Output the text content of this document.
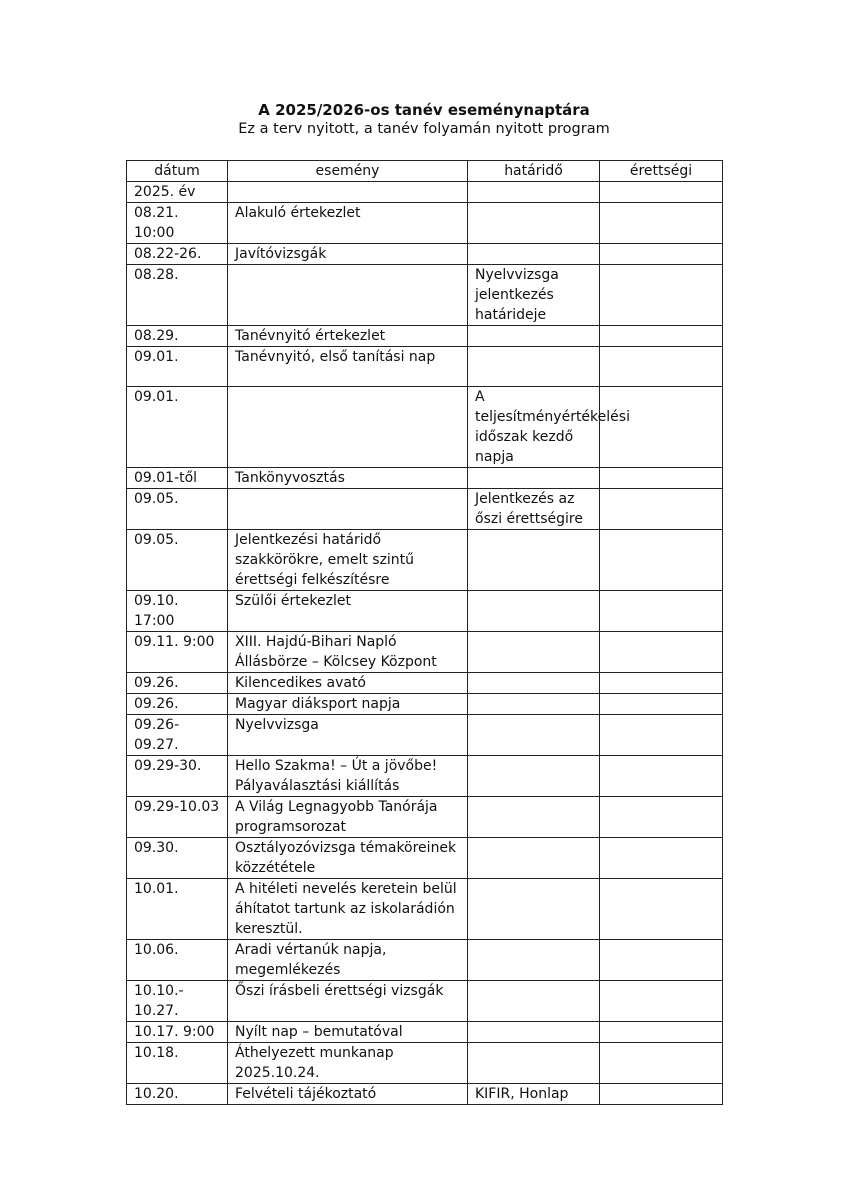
A 2025/2026-os tanév eseménynaptára
Ez a terv nyitott, a tanév folyamán nyitott program
dátum	esemény	határidő	érettségi
2025. év			
08.21. 10:00	Alakuló értekezlet		
08.22-26.	Javítóvizsgák		
08.28.		Nyelvvizsga jelentkezés határideje	
08.29.	Tanévnyitó értekezlet		
09.01.	Tanévnyitó, első tanítási nap		
09.01.		A teljesítményértékelési időszak kezdő napja	
09.01-től	Tankönyvosztás		
09.05.		Jelentkezés az őszi érettségire	
09.05.	Jelentkezési határidő szakkörökre, emelt szintű érettségi felkészítésre		
09.10. 17:00	Szülői értekezlet		
09.11. 9:00	XIII. Hajdú-Bihari Napló Állásbörze – Kölcsey Központ		
09.26.	Kilencedikes avató		
09.26.	Magyar diáksport napja		
09.26-09.27.	Nyelvvizsga		
09.29-30.	Hello Szakma! – Út a jövőbe! Pályaválasztási kiállítás		
09.29-10.03	A Világ Legnagyobb Tanórája programsorozat		
09.30.	Osztályozóvizsga témaköreinek közzététele		
10.01.	A hitéleti nevelés keretein belül áhítatot tartunk az iskolarádión keresztül.		
10.06.	Aradi vértanúk napja, megemlékezés		
10.10.- 10.27.	Őszi írásbeli érettségi vizsgák		
10.17. 9:00	Nyílt nap – bemutatóval		
10.18.	Áthelyezett munkanap 2025.10.24.		
10.20.	Felvételi tájékoztató	KIFIR, Honlap	
